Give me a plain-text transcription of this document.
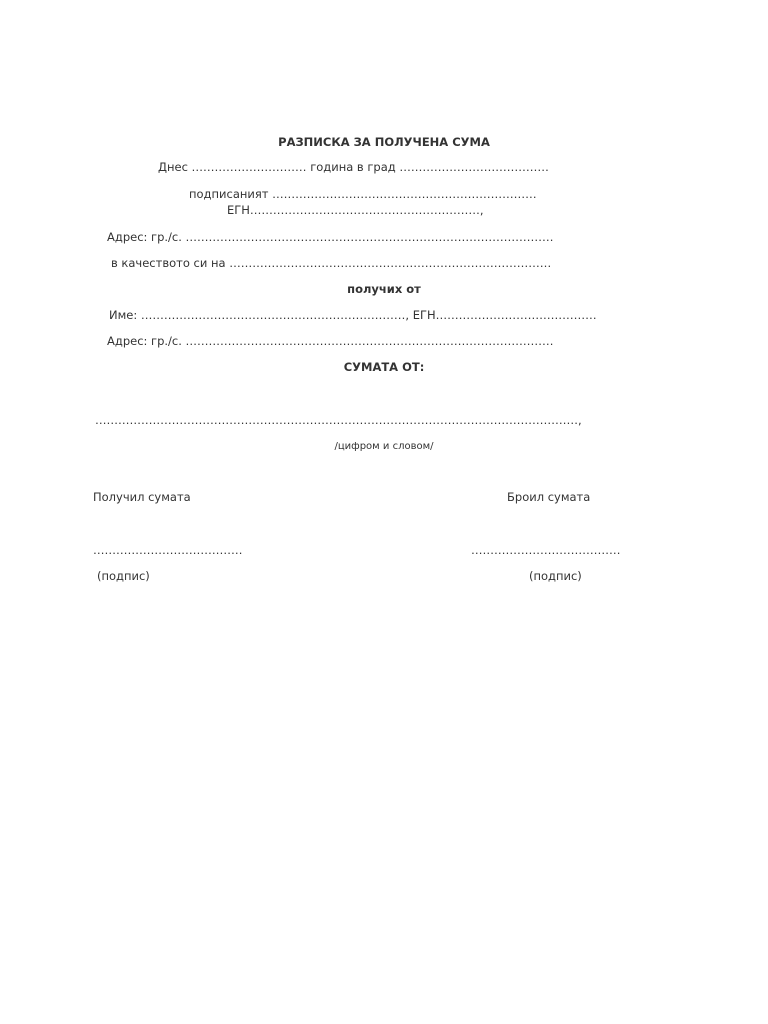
РАЗПИСКА ЗА ПОЛУЧЕНА СУМА
Днес ………………………… година в град …………………………………
подписаният ……………………………………………………………
ЕГН……………………………………………………,
Адрес: гр./с. ……………………………………………………………………………………
в качеството си на …………………………………………………………………………
получих от
Име: ……………………………………………………………, ЕГН……………………………………
Адрес: гр./с. ……………………………………………………………………………………
СУМАТА ОТ:
………………………………………………………………………………………………………………,
/цифром и словом/
Получил сумата	Броил сумата
…………………………………	…………………………………
(подпис)	(подпис)
